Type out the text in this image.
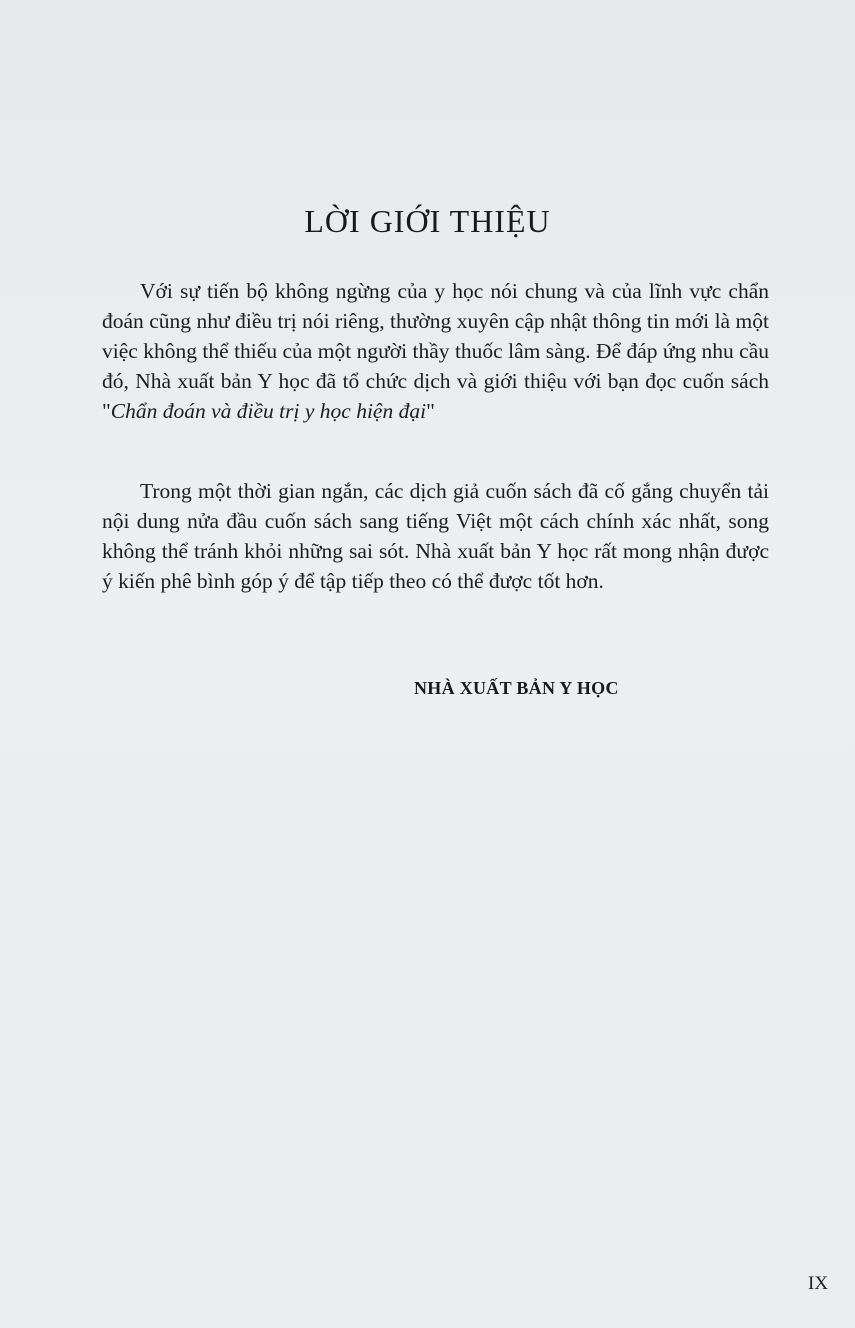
LỜI GIỚI THIỆU

Với sự tiến bộ không ngừng của y học nói chung và của lĩnh vực chẩn đoán cũng như điều trị nói riêng, thường xuyên cập nhật thông tin mới là một việc không thể thiếu của một người thầy thuốc lâm sàng. Để đáp ứng nhu cầu đó, Nhà xuất bản Y học đã tổ chức dịch và giới thiệu với bạn đọc cuốn sách "Chẩn đoán và điều trị y học hiện đại"

Trong một thời gian ngắn, các dịch giả cuốn sách đã cố gắng chuyển tải nội dung nửa đầu cuốn sách sang tiếng Việt một cách chính xác nhất, song không thể tránh khỏi những sai sót. Nhà xuất bản Y học rất mong nhận được ý kiến phê bình góp ý để tập tiếp theo có thể được tốt hơn.

NHÀ XUẤT BẢN Y HỌC

IX
